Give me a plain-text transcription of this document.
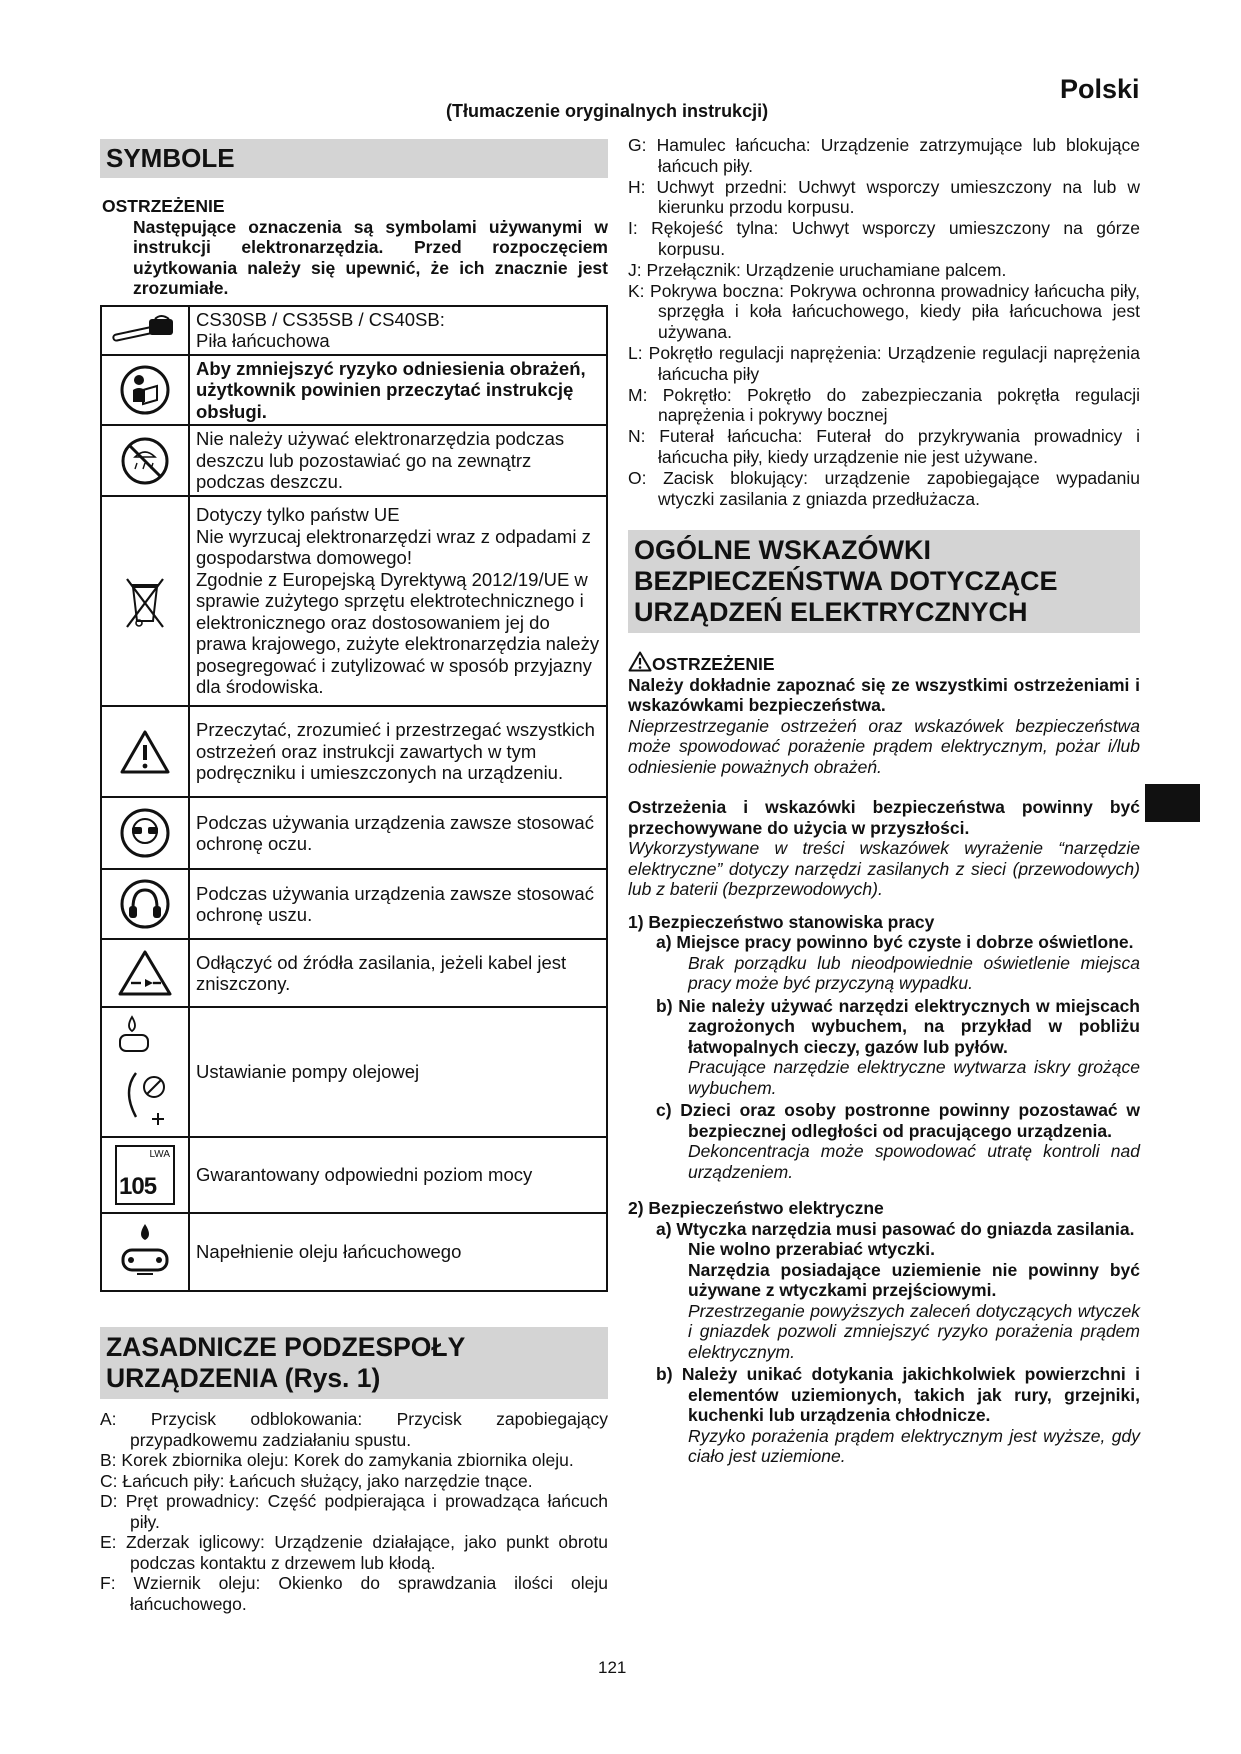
Polski
(Tłumaczenie oryginalnych instrukcji)
SYMBOLE
OSTRZEŻENIE
Następujące oznaczenia są symbolami używanymi w instrukcji elektronarzędzia. Przed rozpoczęciem użytkowania należy się upewnić, że ich znacznie jest zrozumiałe.

CS30SB / CS35SB / CS40SB:
Piła łańcuchowa

	Aby zmniejszyć ryzyko odniesienia obrażeń, użytkownik powinien przeczytać instrukcję obsługi.

	Nie należy używać elektronarzędzia podczas deszczu lub pozostawiać go na zewnątrz podczas deszczu.

Dotyczy tylko państw UE
Nie wyrzucaj elektronarzędzi wraz z odpadami z gospodarstwa domowego!
Zgodnie z Europejską Dyrektywą 2012/19/UE w sprawie zużytego sprzętu elektrotechnicznego i elektronicznego oraz dostosowaniem jej do prawa krajowego, zużyte elektronarzędzia należy posegregować i zutylizować w sposób przyjazny dla środowiska.

	Przeczytać, zrozumieć i przestrzegać wszystkich ostrzeżeń oraz instrukcji zawartych w tym podręczniku i umieszczonych na urządzeniu.

	Podczas używania urządzenia zawsze stosować ochronę oczu.

	Podczas używania urządzenia zawsze stosować ochronę uszu.

	Odłączyć od źródła zasilania, jeżeli kabel jest zniszczony.

	Ustawianie pompy olejowej

LWA
105	Gwarantowany odpowiedni poziom mocy

	Napełnienie oleju łańcuchowego
ZASADNICZE PODZESPOŁY URZĄDZENIA (Rys. 1)
A: Przycisk odblokowania: Przycisk zapobiegający przypadkowemu zadziałaniu spustu.
B: Korek zbiornika oleju: Korek do zamykania zbiornika oleju.
C: Łańcuch piły: Łańcuch służący, jako narzędzie tnące.
D: Pręt prowadnicy: Część podpierająca i prowadząca łańcuch piły.
E: Zderzak iglicowy: Urządzenie działające, jako punkt obrotu podczas kontaktu z drzewem lub kłodą.
F: Wziernik oleju: Okienko do sprawdzania ilości oleju łańcuchowego.
G: Hamulec łańcucha: Urządzenie zatrzymujące lub blokujące łańcuch piły.
H: Uchwyt przedni: Uchwyt wsporczy umieszczony na lub w kierunku przodu korpusu.
I: Rękojeść tylna: Uchwyt wsporczy umieszczony na górze korpusu.
J: Przełącznik: Urządzenie uruchamiane palcem.
K: Pokrywa boczna: Pokrywa ochronna prowadnicy łańcucha piły, sprzęgła i koła łańcuchowego, kiedy piła łańcuchowa jest używana.
L: Pokrętło regulacji naprężenia: Urządzenie regulacji naprężenia łańcucha piły
M: Pokrętło: Pokrętło do zabezpieczania pokrętła regulacji naprężenia i pokrywy bocznej
N: Futerał łańcucha: Futerał do przykrywania prowadnicy i łańcucha piły, kiedy urządzenie nie jest używane.
O: Zacisk blokujący: urządzenie zapobiegające wypadaniu wtyczki zasilania z gniazda przedłużacza.
OGÓLNE WSKAZÓWKI BEZPIECZEŃSTWA DOTYCZĄCE URZĄDZEŃ ELEKTRYCZNYCH
OSTRZEŻENIE
Należy dokładnie zapoznać się ze wszystkimi ostrzeżeniami i wskazówkami bezpieczeństwa.
Nieprzestrzeganie ostrzeżeń oraz wskazówek bezpieczeństwa może spowodować porażenie prądem elektrycznym, pożar i/lub odniesienie poważnych obrażeń.
Ostrzeżenia i wskazówki bezpieczeństwa powinny być przechowywane do użycia w przyszłości.
Wykorzystywane w treści wskazówek wyrażenie “narzędzie elektryczne” dotyczy narzędzi zasilanych z sieci (przewodowych) lub z baterii (bezprzewodowych).
1) Bezpieczeństwo stanowiska pracy
a) Miejsce pracy powinno być czyste i dobrze oświetlone.
Brak porządku lub nieodpowiednie oświetlenie miejsca pracy może być przyczyną wypadku.
b) Nie należy używać narzędzi elektrycznych w miejscach zagrożonych wybuchem, na przykład w pobliżu łatwopalnych cieczy, gazów lub pyłów.
Pracujące narzędzie elektryczne wytwarza iskry grożące wybuchem.
c) Dzieci oraz osoby postronne powinny pozostawać w bezpiecznej odległości od pracującego urządzenia.
Dekoncentracja może spowodować utratę kontroli nad urządzeniem.
2) Bezpieczeństwo elektryczne
a) Wtyczka narzędzia musi pasować do gniazda zasilania.
Nie wolno przerabiać wtyczki.
Narzędzia posiadające uziemienie nie powinny być używane z wtyczkami przejściowymi.
Przestrzeganie powyższych zaleceń dotyczących wtyczek i gniazdek pozwoli zmniejszyć ryzyko porażenia prądem elektrycznym.
b) Należy unikać dotykania jakichkolwiek powierzchni i elementów uziemionych, takich jak rury, grzejniki, kuchenki lub urządzenia chłodnicze.
Ryzyko porażenia prądem elektrycznym jest wyższe, gdy ciało jest uziemione.
121
